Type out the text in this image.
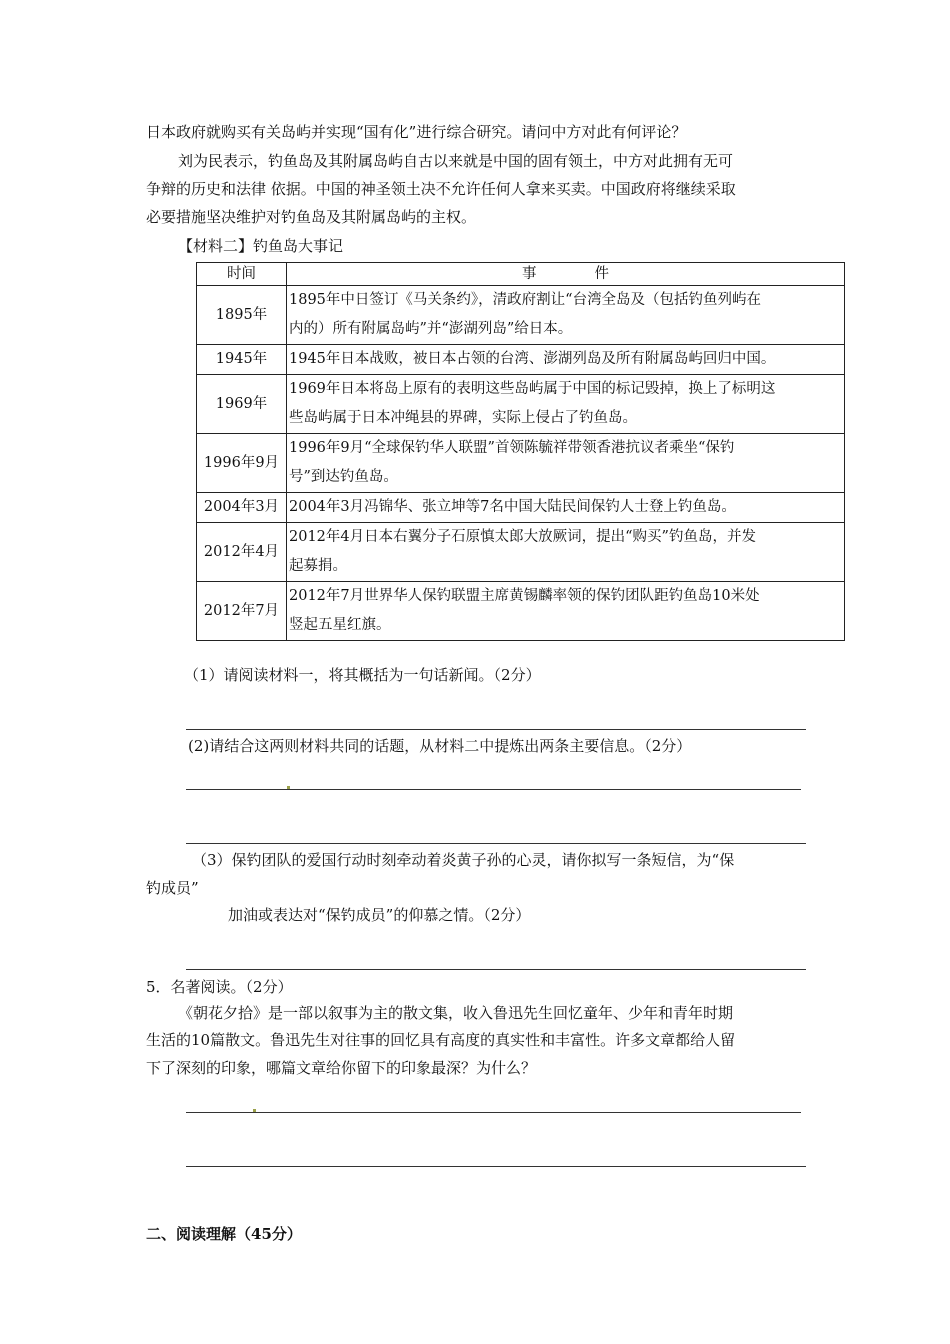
日本政府就购买有关岛屿并实现“国有化”进行综合研究。请问中方对此有何评论？
刘为民表示，钓鱼岛及其附属岛屿自古以来就是中国的固有领土，中方对此拥有无可
争辩的历史和法律 依据。中国的神圣领土决不允许任何人拿来买卖。中国政府将继续采取
必要措施坚决维护对钓鱼岛及其附属岛屿的主权。
【材料二】钓鱼岛大事记
时间	事　　　　件
1895年	1895年中日签订《马关条约》，清政府割让“台湾全岛及（包括钓鱼列屿在
内的）所有附属岛屿”并“澎湖列岛”给日本。

1945年	1945年日本战败，被日本占领的台湾、澎湖列岛及所有附属岛屿回归中国。

1969年	1969年日本将岛上原有的表明这些岛屿属于中国的标记毁掉，换上了标明这
些岛屿属于日本冲绳县的界碑，实际上侵占了钓鱼岛。

1996年9月	1996年9月“全球保钓华人联盟”首领陈毓祥带领香港抗议者乘坐“保钓
号”到达钓鱼岛。

2004年3月	2004年3月冯锦华、张立坤等7名中国大陆民间保钓人士登上钓鱼岛。

2012年4月	2012年4月日本右翼分子石原慎太郎大放厥词，提出“购买”钓鱼岛，并发
起募捐。

2012年7月	2012年7月世界华人保钓联盟主席黄锡麟率领的保钓团队距钓鱼岛10米处
竖起五星红旗。
（1）请阅读材料一，将其概括为一句话新闻。（2分）
(2)请结合这两则材料共同的话题，从材料二中提炼出两条主要信息。（2分）
（3）保钓团队的爱国行动时刻牵动着炎黄子孙的心灵，请你拟写一条短信，为“保
钓成员”
加油或表达对“保钓成员”的仰慕之情。（2分）
5．名著阅读。（2分）
《朝花夕拾》是一部以叙事为主的散文集，收入鲁迅先生回忆童年、少年和青年时期
生活的10篇散文。鲁迅先生对往事的回忆具有高度的真实性和丰富性。许多文章都给人留
下了深刻的印象，哪篇文章给你留下的印象最深？为什么？
二、阅读理解（45分）
